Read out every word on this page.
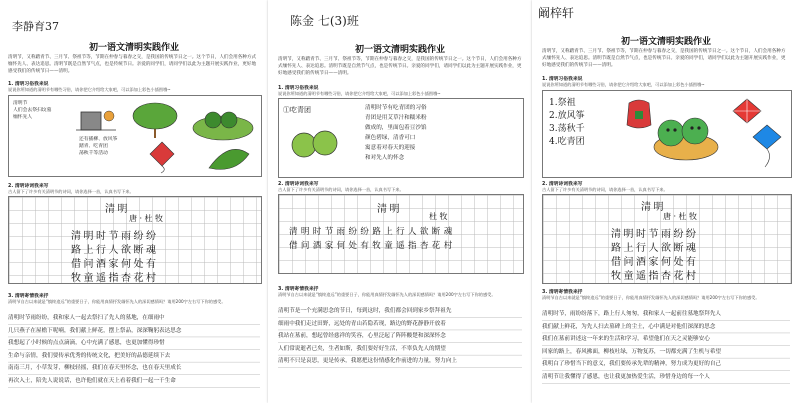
李静育37
初一语文清明实践作业

清明节，又称踏青节、三月节、祭祖节等，节期在仲春与暮春之交，是我国的传统节日之一。这个节日，人们会用各种方式缅怀先人、表达追思。清明节既是自然节气点，也是传统节日。亲爱的同学们，请同学们以此为主题开展实践作业，更好地感受我们的传统节日——清明。

1. 清明习俗我来说
说说你所知道的清明节有哪些习俗，请你把它介绍给大家吧，可以添加上彩色小插图哦~
清明节
人们会去祭扫坟墓
缅怀先人
还有插柳、放风筝
踏青、吃青团
荡秋千等活动
2. 清明诗词我来写
古人留下了许多有关清明节的诗词，请你选择一首，认真书写下来。
清明
唐·杜牧
清明时节雨纷纷
路上行人欲断魂
借问酒家何处有
牧童遥指杏花村
3. 清明寄情我来抒
清明节自古以来就是“慎终追远”的重要日子，你能用真情抒发缅怀先人的深切感情吗？请用200字左右写下你的感受。
清明时节雨纷纷，我和家人一起去祭扫了先人的墓地，在细雨中
几只燕子在屋檐下呢喃，我们献上鲜花，摆上祭品，深深鞠躬表达思念
我想起了小时候的点点滴滴，心中充满了感恩，也更加懂得珍惜
生命与亲情，我们要传承优秀的传统文化，把美好的品德延续下去
南南三月，小草发芽，柳枝轻摇，我们在春天里怀念，也在春天里成长
再次入土，陪先人说说话，也许他们就在天上看着我们一起一千生命
陈金 七(3)班
初一语文清明实践作业

清明节，又称踏青节、三月节、祭祖节等，节期在仲春与暮春之交，是我国的传统节日之一。这个节日，人们会用各种方式缅怀先人、表达追思。清明节既是自然节气点，也是传统节日。亲爱的同学们，请同学们以此为主题开展实践作业，更好地感受我们的传统节日——清明。

1. 清明习俗我来说
说说你所知道的清明节有哪些习俗，请你把它介绍给大家吧，可以添加上彩色小插图哦~
①吃青团	清明时节有吃青团的习俗
青团是用艾草汁和糯米粉
做成的，里面包着豆沙馅
颜色碧绿，清香可口
寓意着对春天的迎接
和对先人的怀念
2. 清明诗词我来写
古人留下了许多有关清明节的诗词，请你选择一首，认真书写下来。
清明
杜牧
清明时节雨纷纷路上行人欲断魂
借问酒家何处有牧童遥指杏花村
3. 清明寄情我来抒
清明节自古以来就是“慎终追远”的重要日子，你能用真情抒发缅怀先人的深切感情吗？请用200字左右写下你的感受。
清明节是一个充满思念的节日，每到这时，我们都会回到家乡祭拜祖先
细雨中我们走过田野，远处的青山若隐若现，路边的野花静静开放着
我站在墓前，想起曾经慈祥的笑容，心里泛起了阵阵酸楚和深深怀念
人们常说逝者已矣，生者如斯，我们要好好生活，不辜负先人的期望
清明不只是哀思，更是传承，我愿把这份情感化作前进的力量，努力向上
阚梓轩
初一语文清明实践作业

清明节，又称踏青节、三月节、祭祖节等，节期在仲春与暮春之交，是我国的传统节日之一。这个节日，人们会用各种方式缅怀先人、表达追思。清明节既是自然节气点，也是传统节日。亲爱的同学们，请同学们以此为主题开展实践作业，更好地感受我们的传统节日——清明。

1. 清明习俗我来说
说说你所知道的清明节有哪些习俗，请你把它介绍给大家吧，可以添加上彩色小插图哦~
1.祭祖
2.放风筝
3.荡秋千
4.吃青团
2. 清明诗词我来写
古人留下了许多有关清明节的诗词，请你选择一首，认真书写下来。
清明
唐·杜牧
清明时节雨纷纷
路上行人欲断魂
借问酒家何处有
牧童遥指杏花村
3. 清明寄情我来抒
清明节自古以来就是“慎终追远”的重要日子，你能用真情抒发缅怀先人的深切感情吗？请用200字左右写下你的感受。
清明时节，雨纷纷落下，路上行人匆匆，我和家人一起前往墓地祭拜先人
我们献上鲜花，为先人扫去墓碑上的尘土，心中满是对他们深深的思念
我们在墓前讲述这一年来的生活和学习，希望他们在天之灵能够安心
回家的路上，春风拂面，柳枝吐绿，万物复苏，一切都充满了生机与希望
我明白了珍惜当下的意义，我们要传承先辈的精神，努力成为更好的自己
清明节让我懂得了感恩，也让我更加热爱生活，珍惜身边的每一个人
